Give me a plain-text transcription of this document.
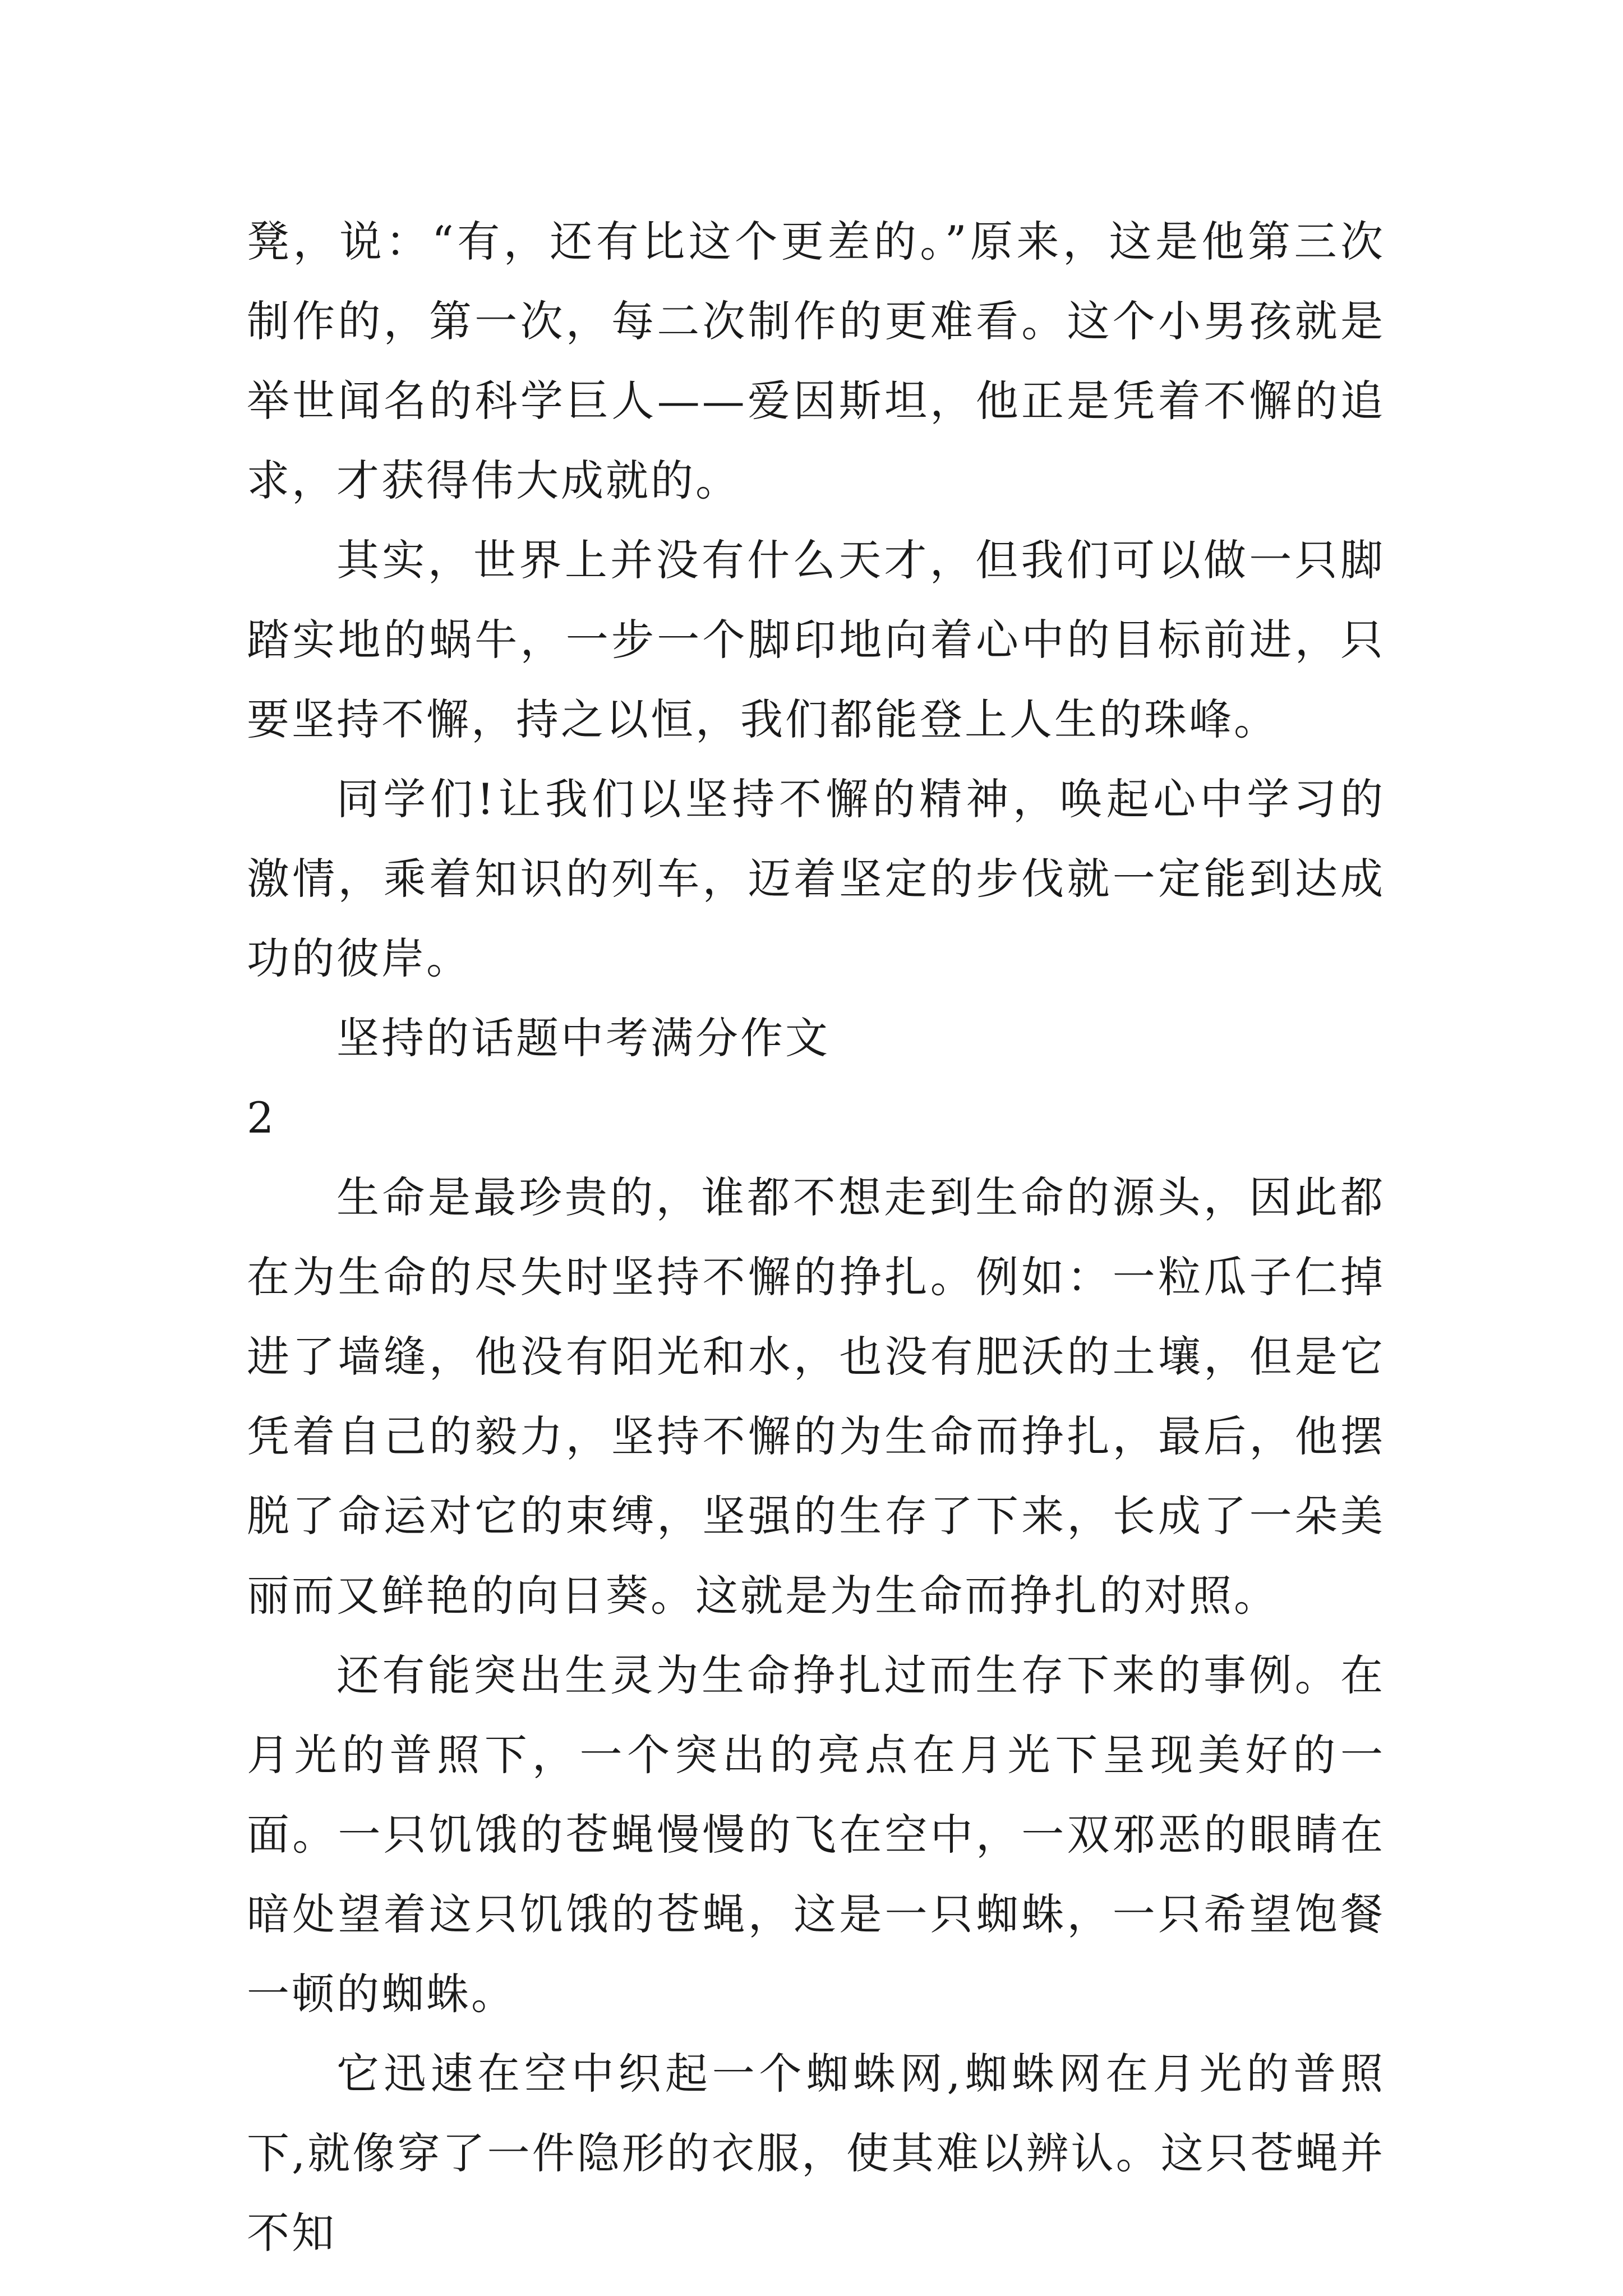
凳，说：“有，还有比这个更差的。”原来，这是他第三次制作的，第一次，每二次制作的更难看。这个小男孩就是举世闻名的科学巨人——爱因斯坦，他正是凭着不懈的追求，才获得伟大成就的。

其实，世界上并没有什么天才，但我们可以做一只脚踏实地的蜗牛，一步一个脚印地向着心中的目标前进，只要坚持不懈，持之以恒，我们都能登上人生的珠峰。

同学们!让我们以坚持不懈的精神，唤起心中学习的激情，乘着知识的列车，迈着坚定的步伐就一定能到达成功的彼岸。

坚持的话题中考满分作文

2

生命是最珍贵的，谁都不想走到生命的源头，因此都在为生命的尽失时坚持不懈的挣扎。例如：一粒瓜子仁掉进了墙缝，他没有阳光和水，也没有肥沃的土壤，但是它凭着自己的毅力，坚持不懈的为生命而挣扎，最后，他摆脱了命运对它的束缚，坚强的生存了下来，长成了一朵美丽而又鲜艳的向日葵。这就是为生命而挣扎的对照。

还有能突出生灵为生命挣扎过而生存下来的事例。在月光的普照下，一个突出的亮点在月光下呈现美好的一面。一只饥饿的苍蝇慢慢的飞在空中，一双邪恶的眼睛在暗处望着这只饥饿的苍蝇，这是一只蜘蛛，一只希望饱餐一顿的蜘蛛。

它迅速在空中织起一个蜘蛛网,蜘蛛网在月光的普照下,就像穿了一件隐形的衣服，使其难以辨认。这只苍蝇并不知
